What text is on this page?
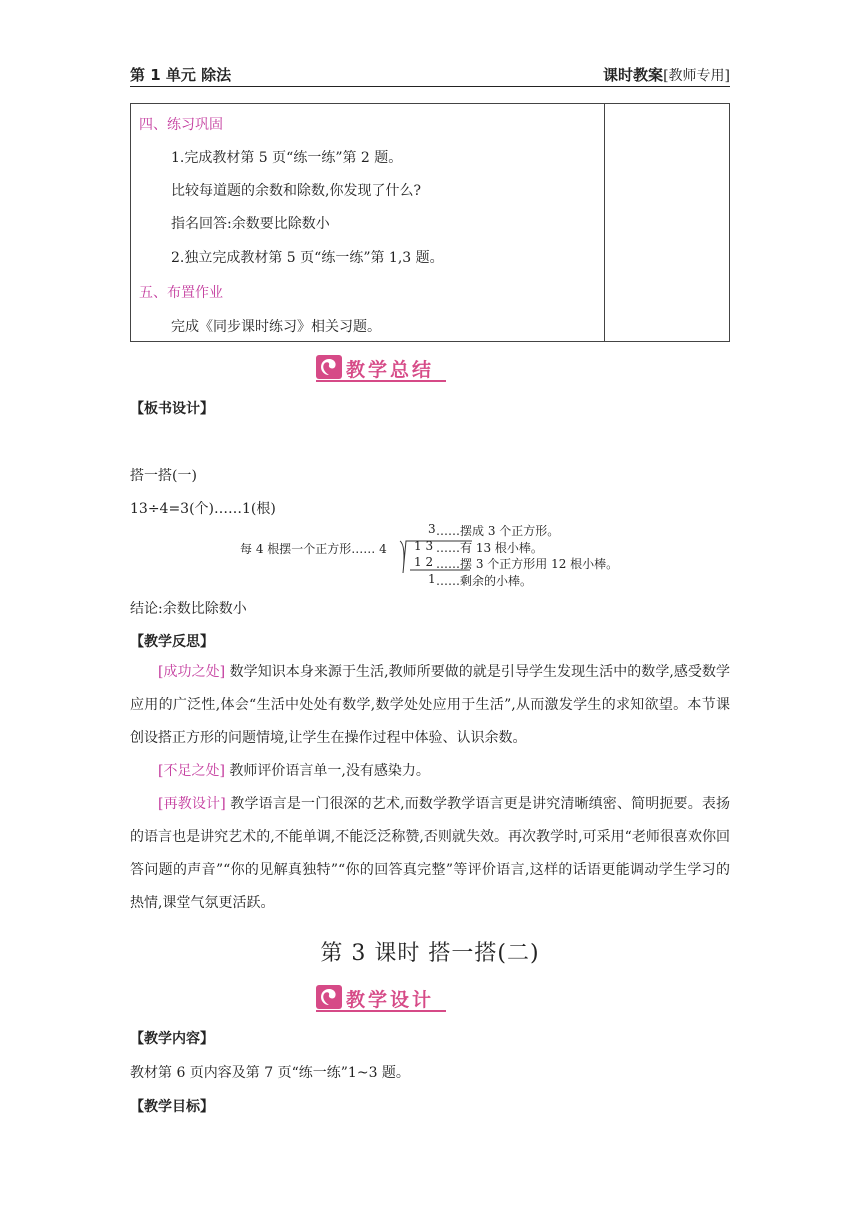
第 1 单元 除法	课时教案[教师专用]
四、练习巩固
1.完成教材第 5 页“练一练”第 2 题。
比较每道题的余数和除数,你发现了什么?
指名回答:余数要比除数小
2.独立完成教材第 5 页“练一练”第 1,3 题。
五、布置作业
完成《同步课时练习》相关习题。
教学总结
【板书设计】
搭一搭(一)
13÷4=3(个)……1(根)
每 4 根摆一个正方形…… 4
3 ……摆成 3 个正方形。
1 3 ……有 13 根小棒。
1 2 ……摆 3 个正方形用 12 根小棒。
1 ……剩余的小棒。
结论:余数比除数小
【教学反思】

[成功之处] 数学知识本身来源于生活,教师所要做的就是引导学生发现生活中的数学,感受数学应用的广泛性,体会“生活中处处有数学,数学处处应用于生活”,从而激发学生的求知欲望。本节课创设搭正方形的问题情境,让学生在操作过程中体验、认识余数。

[不足之处] 教师评价语言单一,没有感染力。

[再教设计] 教学语言是一门很深的艺术,而数学教学语言更是讲究清晰缜密、简明扼要。表扬的语言也是讲究艺术的,不能单调,不能泛泛称赞,否则就失效。再次教学时,可采用“老师很喜欢你回答问题的声音”“你的见解真独特”“你的回答真完整”等评价语言,这样的话语更能调动学生学习的热情,课堂气氛更活跃。

第 3 课时 搭一搭(二)
教学设计
【教学内容】
教材第 6 页内容及第 7 页“练一练”1~3 题。
【教学目标】
